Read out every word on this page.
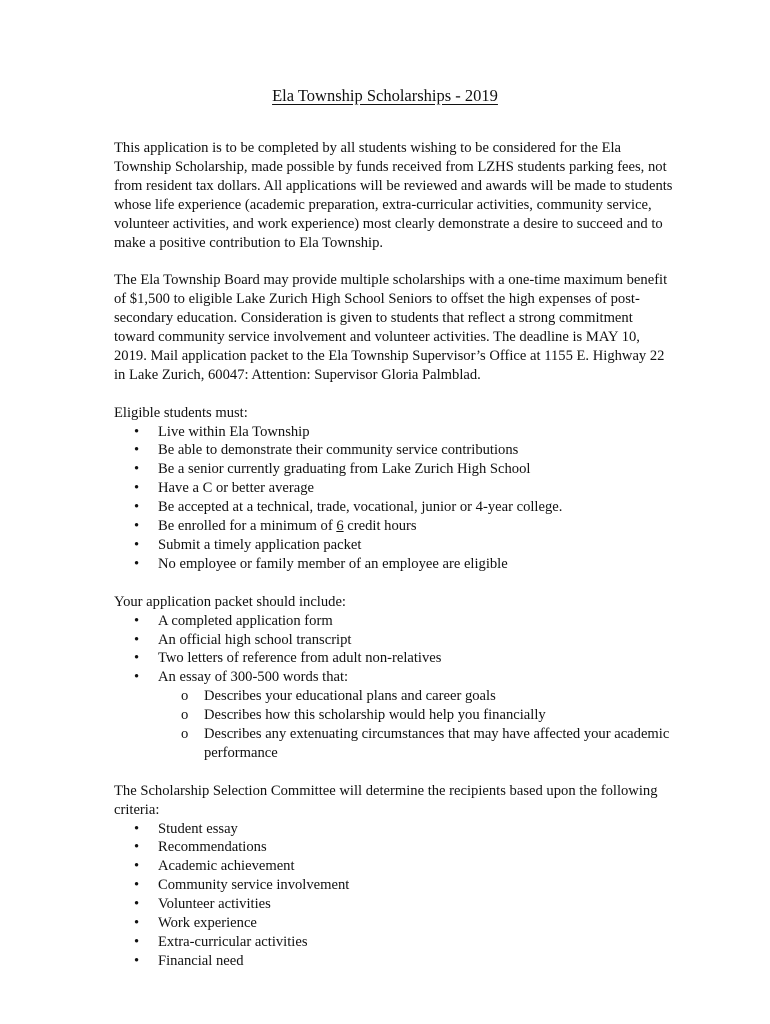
Ela Township Scholarships - 2019

This application is to be completed by all students wishing to be considered for the Ela Township Scholarship, made possible by funds received from LZHS students parking fees, not from resident tax dollars. All applications will be reviewed and awards will be made to students whose life experience (academic preparation, extra-curricular activities, community service, volunteer activities, and work experience) most clearly demonstrate a desire to succeed and to make a positive contribution to Ela Township.

The Ela Township Board may provide multiple scholarships with a one-time maximum benefit of $1,500 to eligible Lake Zurich High School Seniors to offset the high expenses of post-secondary education. Consideration is given to students that reflect a strong commitment toward community service involvement and volunteer activities. The deadline is MAY 10, 2019. Mail application packet to the Ela Township Supervisor’s Office at 1155 E. Highway 22 in Lake Zurich, 60047: Attention: Supervisor Gloria Palmblad.

Eligible students must:

• Live within Ela Township
• Be able to demonstrate their community service contributions
• Be a senior currently graduating from Lake Zurich High School
• Have a C or better average
• Be accepted at a technical, trade, vocational, junior or 4-year college.
• Be enrolled for a minimum of 6 credit hours
• Submit a timely application packet
• No employee or family member of an employee are eligible

Your application packet should include:

• A completed application form
• An official high school transcript
• Two letters of reference from adult non-relatives
• An essay of 300-500 words that:
o Describes your educational plans and career goals
o Describes how this scholarship would help you financially
o Describes any extenuating circumstances that may have affected your academic performance

The Scholarship Selection Committee will determine the recipients based upon the following criteria:

• Student essay
• Recommendations
• Academic achievement
• Community service involvement
• Volunteer activities
• Work experience
• Extra-curricular activities
• Financial need
